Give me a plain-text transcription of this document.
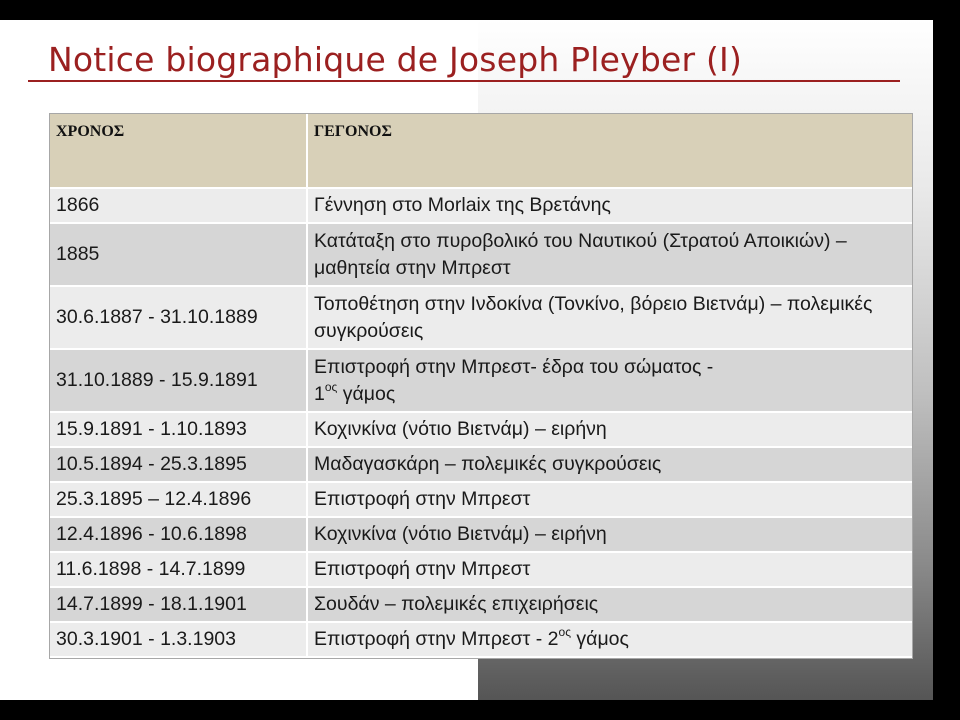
Notice biographique de Joseph Pleyber (I)
ΧΡΟΝΟΣ	ΓΕΓΟΝΟΣ
1866	Γέννηση στο Morlaix της Βρετάνης
1885	Κατάταξη στο πυροβολικό του Ναυτικού (Στρατού Αποικιών) – μαθητεία στην Μπρεστ
30.6.1887 - 31.10.1889	Τοποθέτηση στην Ινδοκίνα (Τονκίνο, βόρειο Βιετνάμ) – πολεμικές συγκρούσεις
31.10.1889 - 15.9.1891	Επιστροφή στην Μπρεστ- έδρα του σώματος -
$1^{o\varsigma}$ γάμος
15.9.1891 - 1.10.1893	Κοχινκίνα (νότιο Βιετνάμ) – ειρήνη
10.5.1894 - 25.3.1895	Μαδαγασκάρη – πολεμικές συγκρούσεις
25.3.1895 – 12.4.1896	Επιστροφή στην Μπρεστ
12.4.1896 - 10.6.1898	Κοχινκίνα (νότιο Βιετνάμ) – ειρήνη
11.6.1898 - 14.7.1899	Επιστροφή στην Μπρεστ
14.7.1899 - 18.1.1901	Σουδάν – πολεμικές επιχειρήσεις
30.3.1901 - 1.3.1903	Επιστροφή στην Μπρεστ - $2^{o\varsigma}$ γάμος
